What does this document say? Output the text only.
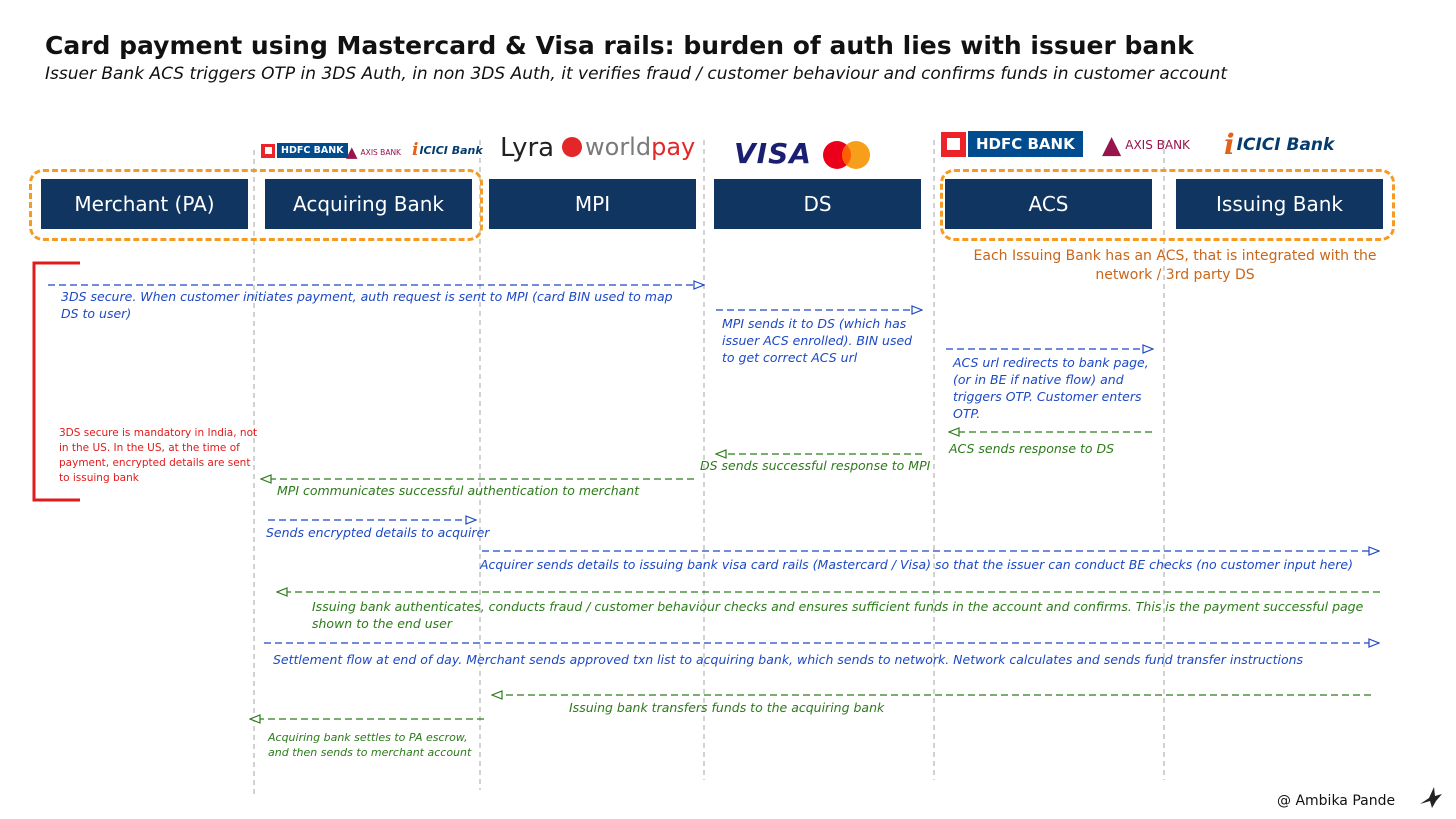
Card payment using Mastercard & Visa rails: burden of auth lies with issuer bank
Issuer Bank ACS triggers OTP in 3DS Auth, in non 3DS Auth, it verifies fraud / customer behaviour and confirms funds in customer account
Merchant (PA)	Acquiring Bank	MPI	DS	ACS	Issuing Bank
HDFC BANK ▲ AXIS BANK i ICICI Bank Lyra world pay VISA	HDFC BANK	▲ AXIS BANK i ICICI Bank
Each Issuing Bank has an ACS, that is integrated with the network / 3rd party DS
3DS secure is mandatory in India, not in the US. In the US, at the time of payment, encrypted details are sent to issuing bank
3DS secure. When customer initiates payment, auth request is sent to MPI (card BIN used to map DS to user)
MPI sends it to DS (which has issuer ACS enrolled). BIN used to get correct ACS url	ACS url redirects to bank page, (or in BE if native flow) and triggers OTP. Customer enters OTP.
ACS sends response to DS
DS sends successful response to MPI
MPI communicates successful authentication to merchant
Sends encrypted details to acquirer
Acquirer sends details to issuing bank visa card rails (Mastercard / Visa) so that the issuer can conduct BE checks (no customer input here)
Issuing bank authenticates, conducts fraud / customer behaviour checks and ensures sufficient funds in the account and confirms. This is the payment successful page shown to the end user
Settlement flow at end of day. Merchant sends approved txn list to acquiring bank, which sends to network. Network calculates and sends fund transfer instructions
Issuing bank transfers funds to the acquiring bank
Acquiring bank settles to PA escrow, and then sends to merchant account
@ Ambika Pande
